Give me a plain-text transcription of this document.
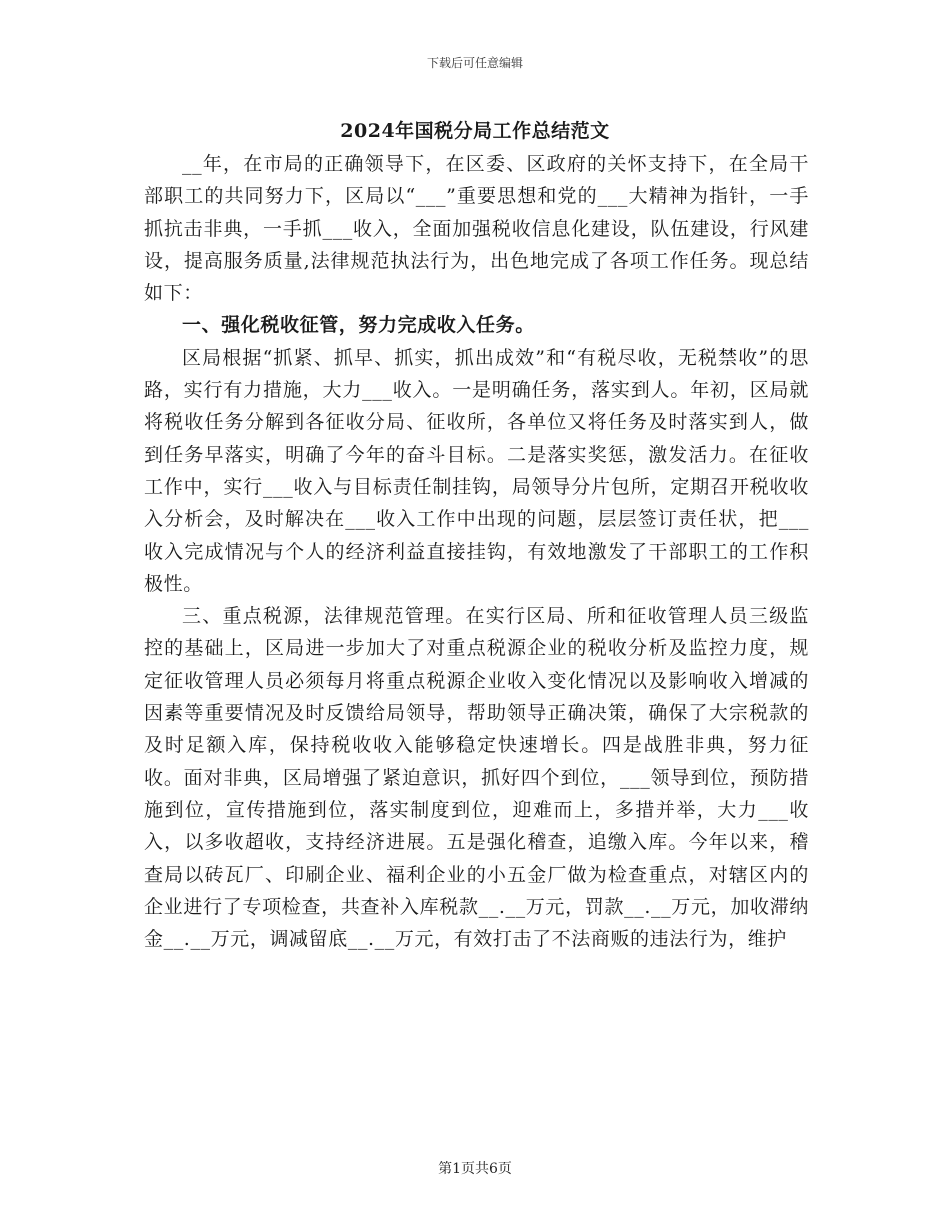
下载后可任意编辑
2024年国税分局工作总结范文

__年，在市局的正确领导下，在区委、区政府的关怀支持下，在全局干部职工的共同努力下，区局以“___”重要思想和党的___大精神为指针，一手抓抗击非典，一手抓___收入，全面加强税收信息化建设，队伍建设，行风建设，提高服务质量,法律规范执法行为，出色地完成了各项工作任务。现总结如下：

一、强化税收征管，努力完成收入任务。

区局根据“抓紧、抓早、抓实，抓出成效”和“有税尽收，无税禁收”的思路，实行有力措施，大力___收入。一是明确任务，落实到人。年初，区局就将税收任务分解到各征收分局、征收所，各单位又将任务及时落实到人，做到任务早落实，明确了今年的奋斗目标。二是落实奖惩，激发活力。在征收工作中，实行___收入与目标责任制挂钩，局领导分片包所，定期召开税收收入分析会，及时解决在___收入工作中出现的问题，层层签订责任状，把___收入完成情况与个人的经济利益直接挂钩，有效地激发了干部职工的工作积极性。

三、重点税源，法律规范管理。在实行区局、所和征收管理人员三级监控的基础上，区局进一步加大了对重点税源企业的税收分析及监控力度，规定征收管理人员必须每月将重点税源企业收入变化情况以及影响收入增减的因素等重要情况及时反馈给局领导，帮助领导正确决策，确保了大宗税款的及时足额入库，保持税收收入能够稳定快速增长。四是战胜非典，努力征收。面对非典，区局增强了紧迫意识，抓好四个到位，___领导到位，预防措施到位，宣传措施到位，落实制度到位，迎难而上，多措并举，大力___收入，以多收超收，支持经济进展。五是强化稽查，追缴入库。今年以来，稽查局以砖瓦厂、印刷企业、福利企业的小五金厂做为检查重点，对辖区内的企业进行了专项检查，共查补入库税款__.__万元，罚款__.__万元，加收滞纳金__.__万元，调减留底__.__万元，有效打击了不法商贩的违法行为，维护

第1页共6页
